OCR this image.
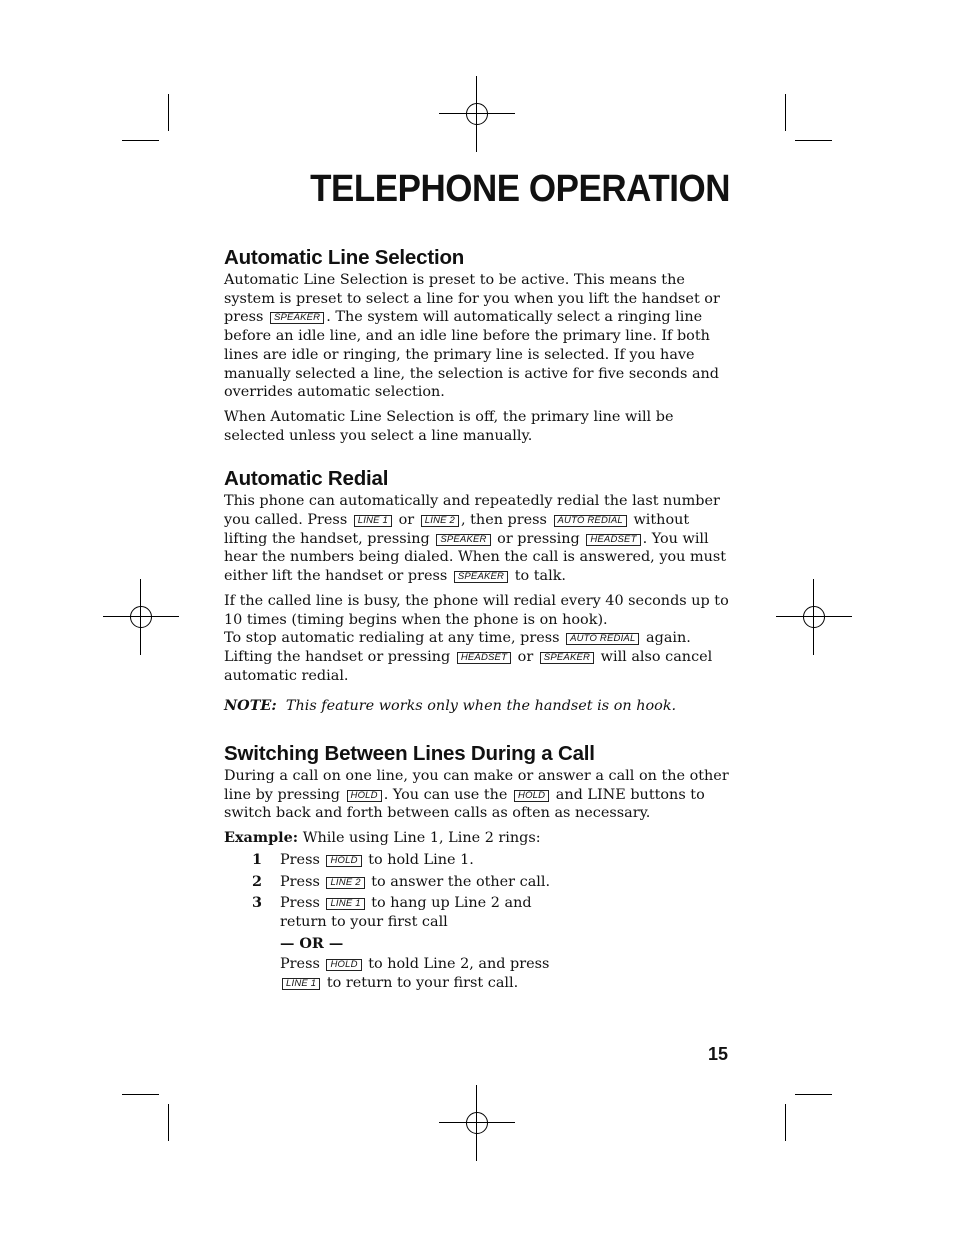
TELEPHONE OPERATION
Automatic Line Selection

Automatic Line Selection is preset to be active. This means the system is preset to select a line for you when you lift the handset or press SPEAKER . The system will automatically select a ringing line before an idle line, and an idle line before the primary line. If both lines are idle or ringing, the primary line is selected. If you have manually selected a line, the selection is active for five seconds and overrides automatic selection.

When Automatic Line Selection is off, the primary line will be selected unless you select a line manually.

Automatic Redial

This phone can automatically and repeatedly redial the last number you called. Press LINE 1 or LINE 2 , then press AUTO REDIAL without lifting the handset, pressing SPEAKER or pressing HEADSET . You will hear the numbers being dialed. When the call is answered, you must either lift the handset or press SPEAKER to talk.

If the called line is busy, the phone will redial every 40 seconds up to 10 times (timing begins when the phone is on hook).

To stop automatic redialing at any time, press AUTO REDIAL again. Lifting the handset or pressing HEADSET or SPEAKER will also cancel automatic redial.

NOTE: This feature works only when the handset is on hook.

Switching Between Lines During a Call

During a call on one line, you can make or answer a call on the other line by pressing HOLD . You can use the HOLD and LINE buttons to switch back and forth between calls as often as necessary.

Example: While using Line 1, Line 2 rings:

1	Press HOLD to hold Line 1.
2	Press LINE 2 to answer the other call.
3	Press LINE 1 to hang up Line 2 and return to your first call
— OR —
Press HOLD to hold Line 2, and press LINE 1 to return to your first call.
15
